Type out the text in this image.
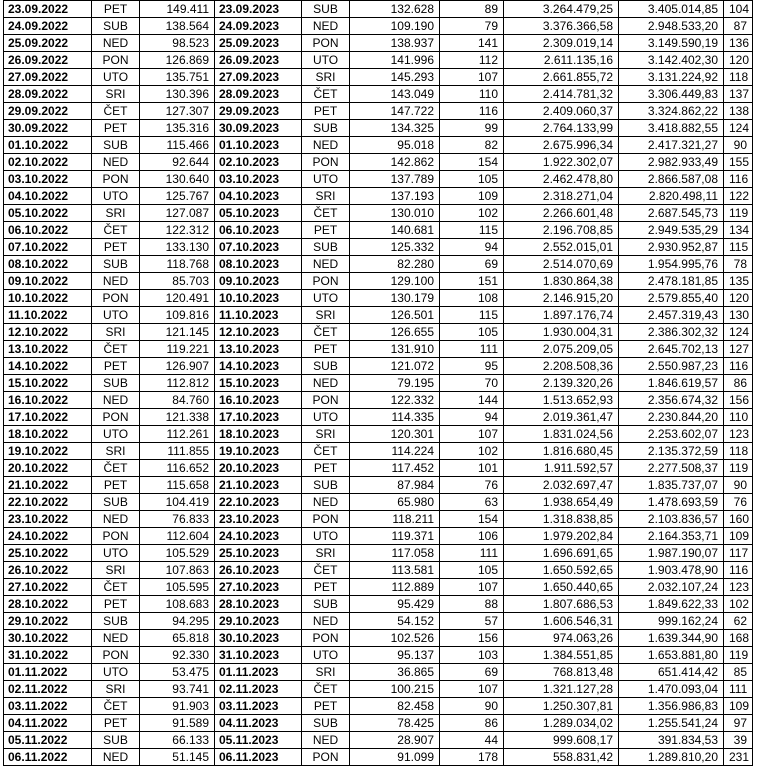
23.09.2022	PET	149.411	23.09.2023	SUB	132.628	89	3.264.479,25	3.405.014,85	104
24.09.2022	SUB	138.564	24.09.2023	NED	109.190	79	3.376.366,58	2.948.533,20	87
25.09.2022	NED	98.523	25.09.2023	PON	138.937	141	2.309.019,14	3.149.590,19	136
26.09.2022	PON	126.869	26.09.2023	UTO	141.996	112	2.611.135,16	3.142.402,30	120
27.09.2022	UTO	135.751	27.09.2023	SRI	145.293	107	2.661.855,72	3.131.224,92	118
28.09.2022	SRI	130.396	28.09.2023	ČET	143.049	110	2.414.781,32	3.306.449,83	137
29.09.2022	ČET	127.307	29.09.2023	PET	147.722	116	2.409.060,37	3.324.862,22	138
30.09.2022	PET	135.316	30.09.2023	SUB	134.325	99	2.764.133,99	3.418.882,55	124
01.10.2022	SUB	115.466	01.10.2023	NED	95.018	82	2.675.996,34	2.417.321,27	90
02.10.2022	NED	92.644	02.10.2023	PON	142.862	154	1.922.302,07	2.982.933,49	155
03.10.2022	PON	130.640	03.10.2023	UTO	137.789	105	2.462.478,80	2.866.587,08	116
04.10.2022	UTO	125.767	04.10.2023	SRI	137.193	109	2.318.271,04	2.820.498,11	122
05.10.2022	SRI	127.087	05.10.2023	ČET	130.010	102	2.266.601,48	2.687.545,73	119
06.10.2022	ČET	122.312	06.10.2023	PET	140.681	115	2.196.708,85	2.949.535,29	134
07.10.2022	PET	133.130	07.10.2023	SUB	125.332	94	2.552.015,01	2.930.952,87	115
08.10.2022	SUB	118.768	08.10.2023	NED	82.280	69	2.514.070,69	1.954.995,76	78
09.10.2022	NED	85.703	09.10.2023	PON	129.100	151	1.830.864,38	2.478.181,85	135
10.10.2022	PON	120.491	10.10.2023	UTO	130.179	108	2.146.915,20	2.579.855,40	120
11.10.2022	UTO	109.816	11.10.2023	SRI	126.501	115	1.897.176,74	2.457.319,43	130
12.10.2022	SRI	121.145	12.10.2023	ČET	126.655	105	1.930.004,31	2.386.302,32	124
13.10.2022	ČET	119.221	13.10.2023	PET	131.910	111	2.075.209,05	2.645.702,13	127
14.10.2022	PET	126.907	14.10.2023	SUB	121.072	95	2.208.508,36	2.550.987,23	116
15.10.2022	SUB	112.812	15.10.2023	NED	79.195	70	2.139.320,26	1.846.619,57	86
16.10.2022	NED	84.760	16.10.2023	PON	122.332	144	1.513.652,93	2.356.674,32	156
17.10.2022	PON	121.338	17.10.2023	UTO	114.335	94	2.019.361,47	2.230.844,20	110
18.10.2022	UTO	112.261	18.10.2023	SRI	120.301	107	1.831.024,56	2.253.602,07	123
19.10.2022	SRI	111.855	19.10.2023	ČET	114.224	102	1.816.680,45	2.135.372,59	118
20.10.2022	ČET	116.652	20.10.2023	PET	117.452	101	1.911.592,57	2.277.508,37	119
21.10.2022	PET	115.658	21.10.2023	SUB	87.984	76	2.032.697,47	1.835.737,07	90
22.10.2022	SUB	104.419	22.10.2023	NED	65.980	63	1.938.654,49	1.478.693,59	76
23.10.2022	NED	76.833	23.10.2023	PON	118.211	154	1.318.838,85	2.103.836,57	160
24.10.2022	PON	112.604	24.10.2023	UTO	119.371	106	1.979.202,84	2.164.353,71	109
25.10.2022	UTO	105.529	25.10.2023	SRI	117.058	111	1.696.691,65	1.987.190,07	117
26.10.2022	SRI	107.863	26.10.2023	ČET	113.581	105	1.650.592,65	1.903.478,90	116
27.10.2022	ČET	105.595	27.10.2023	PET	112.889	107	1.650.440,65	2.032.107,24	123
28.10.2022	PET	108.683	28.10.2023	SUB	95.429	88	1.807.686,53	1.849.622,33	102
29.10.2022	SUB	94.295	29.10.2023	NED	54.152	57	1.606.546,31	999.162,24	62
30.10.2022	NED	65.818	30.10.2023	PON	102.526	156	974.063,26	1.639.344,90	168
31.10.2022	PON	92.330	31.10.2023	UTO	95.137	103	1.384.551,85	1.653.881,80	119
01.11.2022	UTO	53.475	01.11.2023	SRI	36.865	69	768.813,48	651.414,42	85
02.11.2022	SRI	93.741	02.11.2023	ČET	100.215	107	1.321.127,28	1.470.093,04	111
03.11.2022	ČET	91.903	03.11.2023	PET	82.458	90	1.250.307,81	1.356.986,83	109
04.11.2022	PET	91.589	04.11.2023	SUB	78.425	86	1.289.034,02	1.255.541,24	97
05.11.2022	SUB	66.133	05.11.2023	NED	28.907	44	999.608,17	391.834,53	39
06.11.2022	NED	51.145	06.11.2023	PON	91.099	178	558.831,42	1.289.810,20	231
